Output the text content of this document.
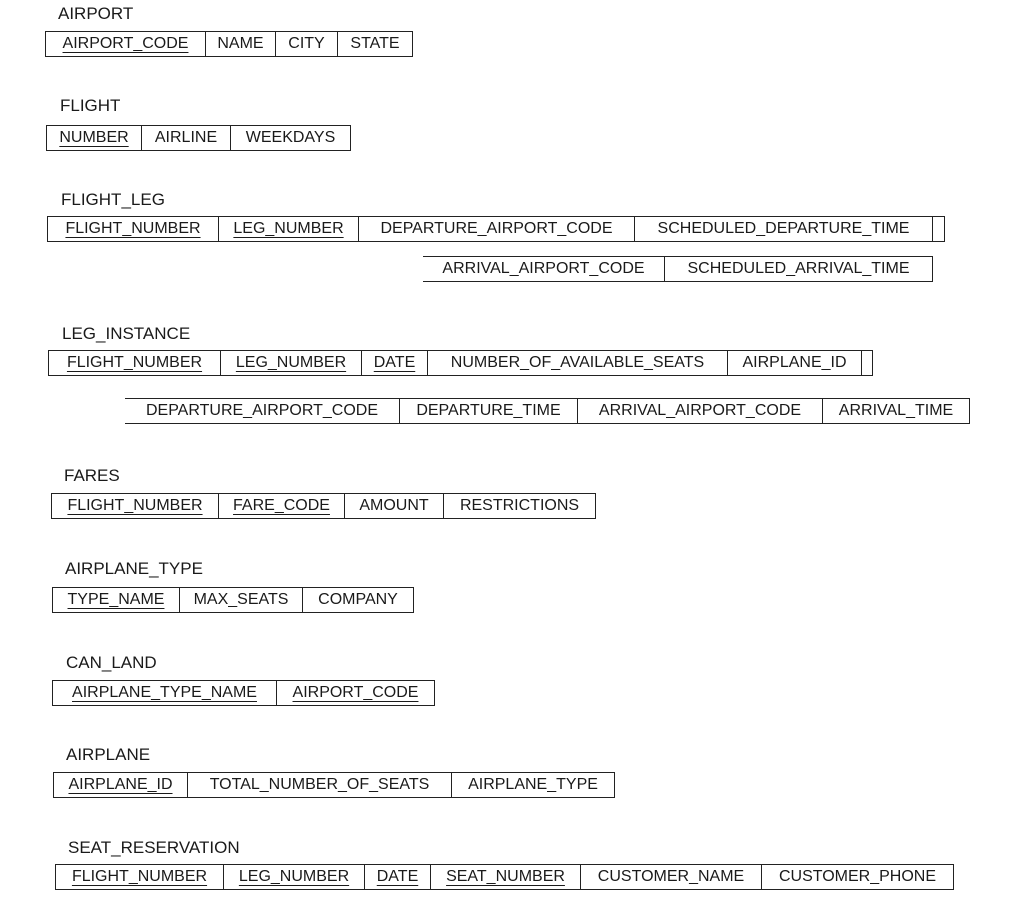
AIRPORT
AIRPORT_CODE NAME CITY STATE
FLIGHT
NUMBER AIRLINE WEEKDAYS
FLIGHT_LEG
FLIGHT_NUMBER LEG_NUMBER DEPARTURE_AIRPORT_CODE	SCHEDULED_DEPARTURE_TIME
ARRIVAL_AIRPORT_CODE	SCHEDULED_ARRIVAL_TIME
LEG_INSTANCE
FLIGHT_NUMBER LEG_NUMBER DATE NUMBER_OF_AVAILABLE_SEATS AIRPLANE_ID
DEPARTURE_AIRPORT_CODE DEPARTURE_TIME ARRIVAL_AIRPORT_CODE ARRIVAL_TIME
FARES
FLIGHT_NUMBER FARE_CODE AMOUNT RESTRICTIONS
AIRPLANE_TYPE
TYPE_NAME MAX_SEATS COMPANY
CAN_LAND
AIRPLANE_TYPE_NAME AIRPORT_CODE
AIRPLANE
AIRPLANE_ID TOTAL_NUMBER_OF_SEATS AIRPLANE_TYPE
SEAT_RESERVATION
FLIGHT_NUMBER LEG_NUMBER DATE SEAT_NUMBER CUSTOMER_NAME CUSTOMER_PHONE
